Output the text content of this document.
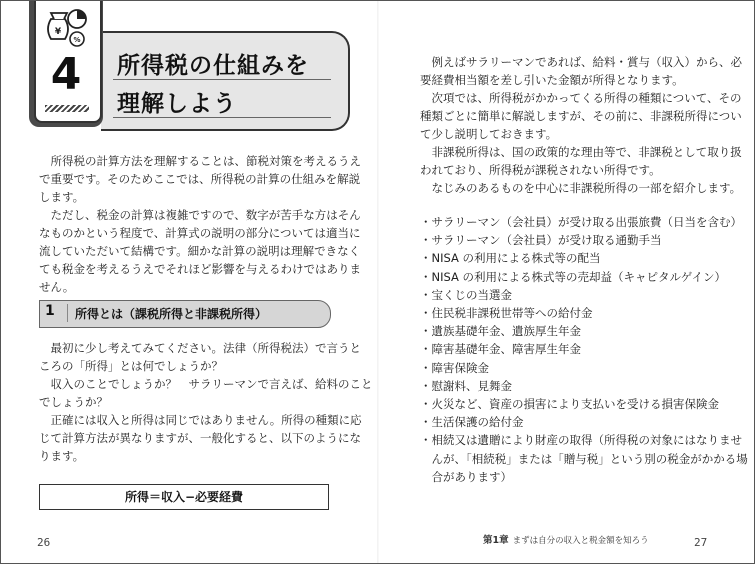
¥
%
4	所得税の仕組みを
理解しよう
　所得税の計算方法を理解することは、節税対策を考えるうえ
で重要です。そのためここでは、所得税の計算の仕組みを解説
します。
　ただし、税金の計算は複雑ですので、数字が苦手な方はそん
なものかという程度で、計算式の説明の部分については適当に
流していただいて結構です。細かな計算の説明は理解できなく
ても税金を考えるうえでそれほど影響を与えるわけではありま
せん。
1	所得とは（課税所得と非課税所得）
　最初に少し考えてみてください。法律（所得税法）で言うと
ころの「所得」とは何でしょうか？
　収入のことでしょうか？　サラリーマンで言えば、給料のこと
でしょうか？
　正確には収入と所得は同じではありません。所得の種類に応
じて計算方法が異なりますが、一般化すると、以下のようにな
ります。
所得＝収入−必要経費
26
　例えばサラリーマンであれば、給料・賞与（収入）から、必
要経費相当額を差し引いた金額が所得となります。
　次項では、所得税がかかってくる所得の種類について、その
種類ごとに簡単に解説しますが、その前に、非課税所得につい
て少し説明しておきます。
　非課税所得は、国の政策的な理由等で、非課税として取り扱
われており、所得税が課税されない所得です。
　なじみのあるものを中心に非課税所得の一部を紹介します。
・サラリーマン（会社員）が受け取る出張旅費（日当を含む）
・サラリーマン（会社員）が受け取る通勤手当
・NISA の利用による株式等の配当
・NISA の利用による株式等の売却益（キャピタルゲイン）
・宝くじの当選金
・住民税非課税世帯等への給付金
・遺族基礎年金、遺族厚生年金
・障害基礎年金、障害厚生年金
・障害保険金
・慰謝料、見舞金
・火災など、資産の損害により支払いを受ける損害保険金
・生活保護の給付金
・相続又は遺贈により財産の取得（所得税の対象にはなりませ
　んが、「相続税」または「贈与税」という別の税金がかかる場
　合があります）
第1章 まずは自分の収入と税金額を知ろう	27
